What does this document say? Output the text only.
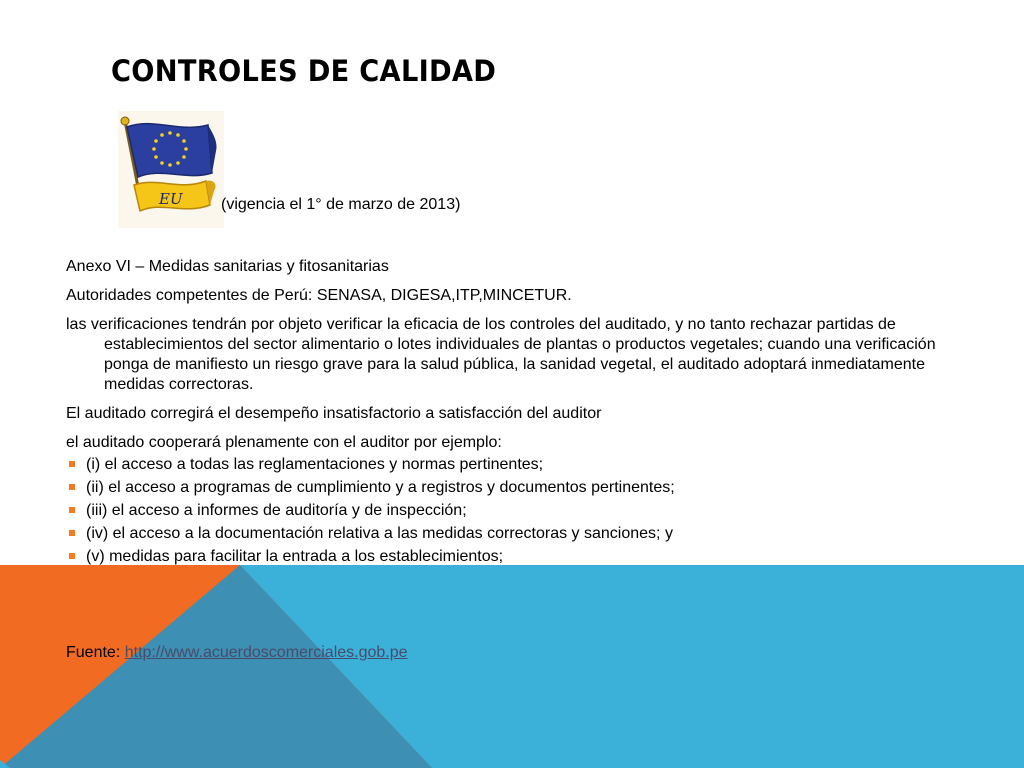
CONTROLES DE CALIDAD
EU (vigencia el 1° de marzo de 2013)

Anexo VI – Medidas sanitarias y fitosanitarias

Autoridades competentes de Perú: SENASA, DIGESA,ITP,MINCETUR.

las verificaciones tendrán por objeto verificar la eficacia de los controles del auditado, y no tanto rechazar partidas de establecimientos del sector alimentario o lotes individuales de plantas o productos vegetales; cuando una verificación ponga de manifiesto un riesgo grave para la salud pública, la sanidad vegetal, el auditado adoptará inmediatamente medidas correctoras.

El auditado corregirá el desempeño insatisfactorio a satisfacción del auditor

el auditado cooperará plenamente con el auditor por ejemplo:

(i) el acceso a todas las reglamentaciones y normas pertinentes;
(ii) el acceso a programas de cumplimiento y a registros y documentos pertinentes;
(iii) el acceso a informes de auditoría y de inspección;
(iv) el acceso a la documentación relativa a las medidas correctoras y sanciones; y
(v) medidas para facilitar la entrada a los establecimientos;
Fuente: http://www.acuerdoscomerciales.gob.pe
